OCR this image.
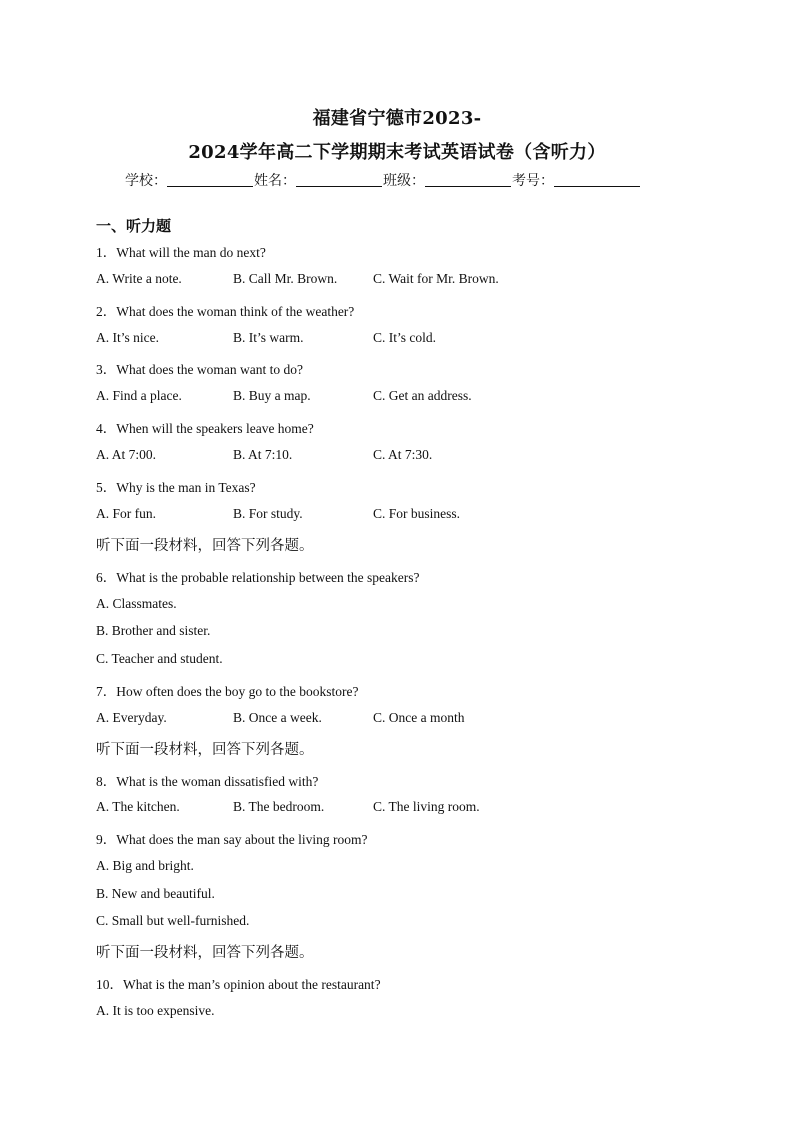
福建省宁德市2023-
2024学年高二下学期期末考试英语试卷（含听力）
学校：	姓名：	班级：	考号：
一、听力题
1．What will the man do next?
A. Write a note.	B. Call Mr. Brown.	C. Wait for Mr. Brown.
2．What does the woman think of the weather?
A. It’s nice.	B. It’s warm.	C. It’s cold.
3．What does the woman want to do?
A. Find a place.	B. Buy a map.	C. Get an address.
4．When will the speakers leave home?
A. At 7:00.	B. At 7:10.	C. At 7:30.
5．Why is the man in Texas?
A. For fun.	B. For study.	C. For business.
听下面一段材料，回答下列各题。
6．What is the probable relationship between the speakers?
A. Classmates.
B. Brother and sister.
C. Teacher and student.
7．How often does the boy go to the bookstore?
A. Everyday.	B. Once a week.	C. Once a month
听下面一段材料，回答下列各题。
8．What is the woman dissatisfied with?
A. The kitchen.	B. The bedroom.	C. The living room.
9．What does the man say about the living room?
A. Big and bright.
B. New and beautiful.
C. Small but well-furnished.
听下面一段材料，回答下列各题。
10．What is the man’s opinion about the restaurant?
A. It is too expensive.
